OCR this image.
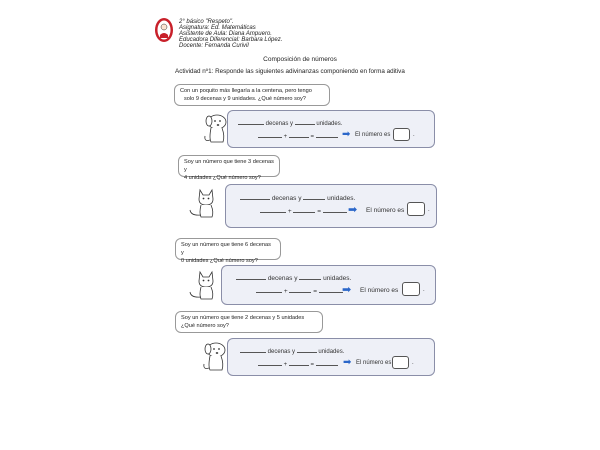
2° básico "Respeto".
Asignatura: Ed. Matemáticas
Asistente de Aula: Diana Ampuero.
Educadora Diferencial: Barbara López.
Docente: Fernanda Curivil
Composición de números
Actividad nº1: Responde las siguientes adivinanzas componiendo en forma aditiva
Con un poquito más llegaría a la centena, pero tengo
solo 9 decenas y 9 unidades. ¿Qué número soy?
decenas y	unidades.
+	=	➡ El número es	.
Soy un número que tiene 3 decenas y
4 unidades ¿Qué número soy?
decenas y	unidades.
+	=	➡ El número es	.
Soy un número que tiene 6 decenas y
0 unidades ¿Qué número soy?
decenas y	unidades.
+	=	➡ El número es	.
Soy un número que tiene 2 decenas y 5 unidades
¿Qué número soy?
decenas y	unidades.
+	=	➡ El número es	.
